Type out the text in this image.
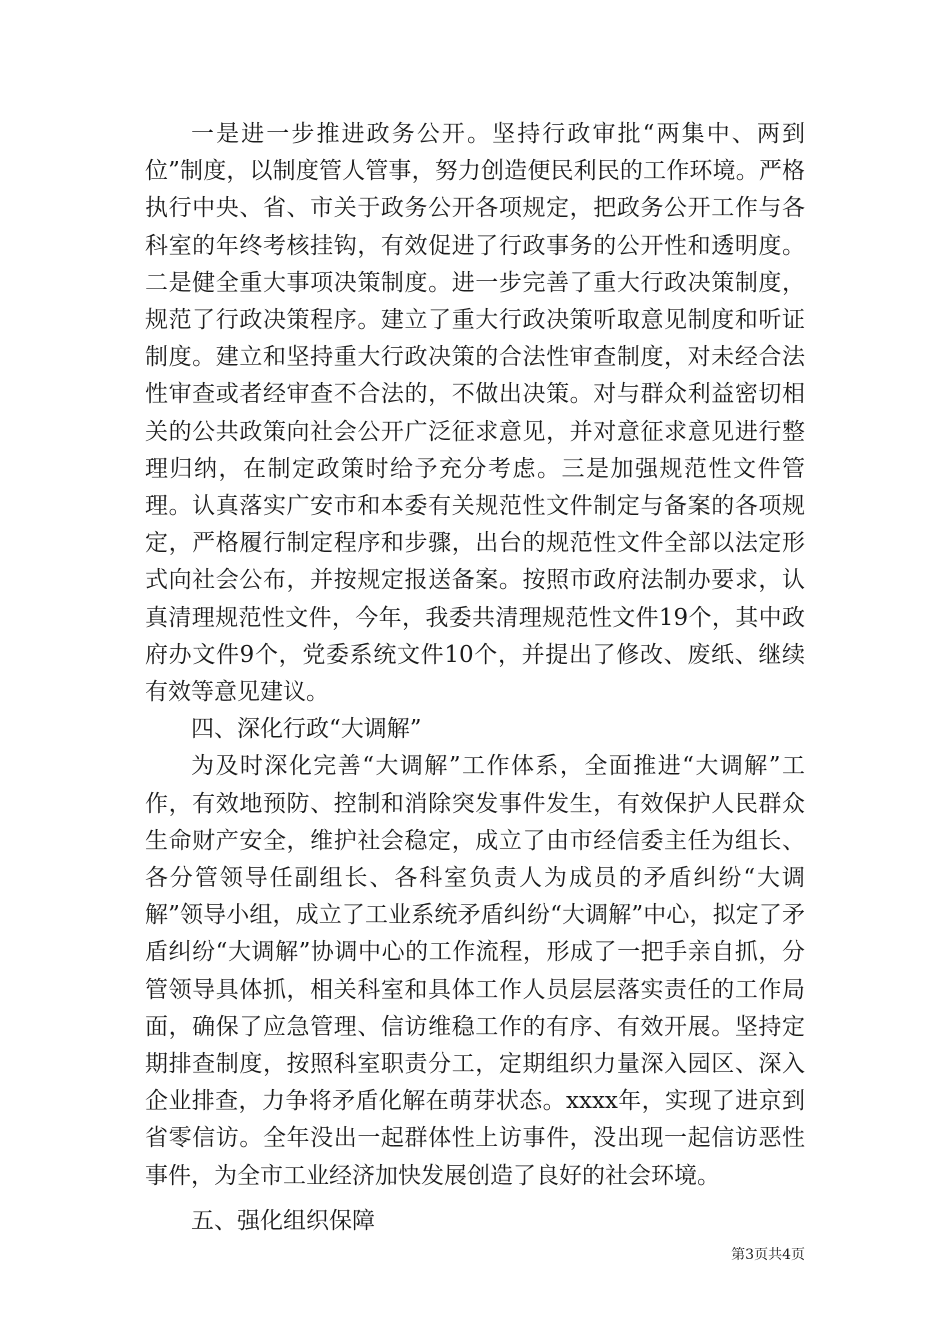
一是进一步推进政务公开。坚持行政审批“两集中、两到位”制度，以制度管人管事，努力创造便民利民的工作环境。严格执行中央、省、市关于政务公开各项规定，把政务公开工作与各科室的年终考核挂钩，有效促进了行政事务的公开性和透明度。二是健全重大事项决策制度。进一步完善了重大行政决策制度，规范了行政决策程序。建立了重大行政决策听取意见制度和听证制度。建立和坚持重大行政决策的合法性审查制度，对未经合法性审查或者经审查不合法的，不做出决策。对与群众利益密切相关的公共政策向社会公开广泛征求意见，并对意征求意见进行整理归纳，在制定政策时给予充分考虑。三是加强规范性文件管理。认真落实广安市和本委有关规范性文件制定与备案的各项规定，严格履行制定程序和步骤，出台的规范性文件全部以法定形式向社会公布，并按规定报送备案。按照市政府法制办要求，认真清理规范性文件，今年，我委共清理规范性文件19个，其中政府办文件9个，党委系统文件10个，并提出了修改、废纸、继续有效等意见建议。

四、深化行政“大调解”

为及时深化完善“大调解”工作体系，全面推进“大调解”工作，有效地预防、控制和消除突发事件发生，有效保护人民群众生命财产安全，维护社会稳定，成立了由市经信委主任为组长、各分管领导任副组长、各科室负责人为成员的矛盾纠纷“大调解”领导小组，成立了工业系统矛盾纠纷“大调解”中心，拟定了矛盾纠纷“大调解”协调中心的工作流程，形成了一把手亲自抓，分管领导具体抓，相关科室和具体工作人员层层落实责任的工作局面，确保了应急管理、信访维稳工作的有序、有效开展。坚持定期排查制度，按照科室职责分工，定期组织力量深入园区、深入企业排查，力争将矛盾化解在萌芽状态。xxxx年，实现了进京到省零信访。全年没出一起群体性上访事件，没出现一起信访恶性事件，为全市工业经济加快发展创造了良好的社会环境。

五、强化组织保障

第3页共4页
